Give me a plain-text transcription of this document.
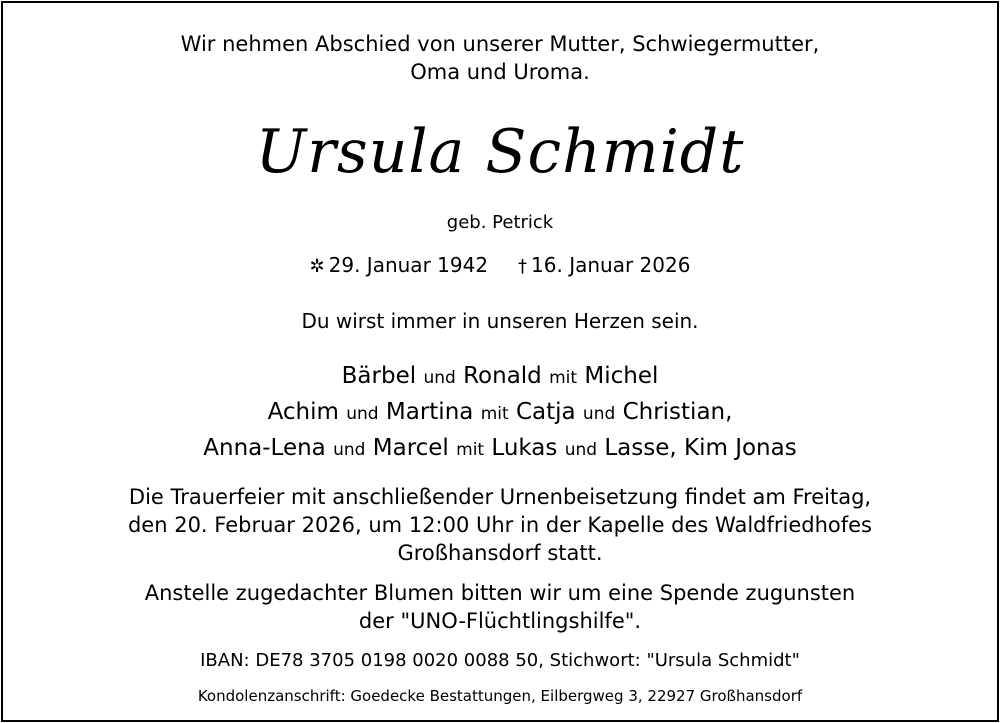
Wir nehmen Abschied von unserer Mutter, Schwiegermutter,
Oma und Uroma.
Ursula Schmidt
geb. Petrick
✲ 29. Januar 1942 † 16. Januar 2026
Du wirst immer in unseren Herzen sein.
Bärbel und Ronald mit Michel
Achim und Martina mit Catja und Christian,
Anna-Lena und Marcel mit Lukas und Lasse, Kim Jonas
Die Trauerfeier mit anschließender Urnenbeisetzung findet am Freitag,
den 20. Februar 2026, um 12:00 Uhr in der Kapelle des Waldfriedhofes
Großhansdorf statt.
Anstelle zugedachter Blumen bitten wir um eine Spende zugunsten
der "UNO-Flüchtlingshilfe".
IBAN: DE78 3705 0198 0020 0088 50, Stichwort: "Ursula Schmidt"
Kondolenzanschrift: Goedecke Bestattungen, Eilbergweg 3, 22927 Großhansdorf
